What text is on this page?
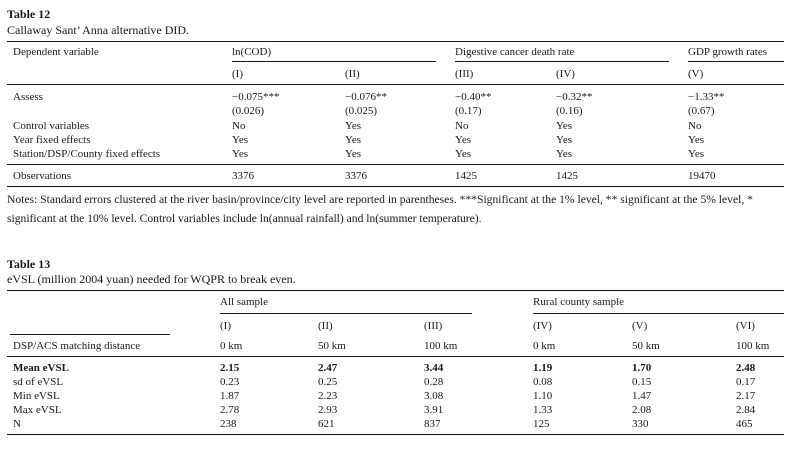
Table 12
Callaway Sant’ Anna alternative DID.
Dependent variable	ln(COD)	Digestive cancer death rate	GDP growth rates
(I)	(II)	(III)	(IV)	(V)
Assess	−0.075***	−0.076**	−0.40**	−0.32**	−1.33**
(0.026)	(0.025)	(0.17)	(0.16)	(0.67)
Control variables	No	Yes	No	Yes	No
Year fixed effects	Yes	Yes	Yes	Yes	Yes
Station/DSP/County fixed effects	Yes	Yes	Yes	Yes	Yes
Observations	3376	3376	1425	1425	19470
Notes: Standard errors clustered at the river basin/province/city level are reported in parentheses. ***Significant at the 1% level, ** significant at the 5% level, * significant at the 10% level. Control variables include ln(annual rainfall) and ln(summer temperature).
Table 13
eVSL (million 2004 yuan) needed for WQPR to break even.
All sample	Rural county sample
(I)	(II)	(III)	(IV)	(V)	(VI)
DSP/ACS matching distance	0 km	50 km	100 km	0 km	50 km	100 km
Mean eVSL	2.15	2.47	3.44	1.19	1.70	2.48
sd of eVSL	0.23	0.25	0.28	0.08	0.15	0.17
Min eVSL	1.87	2.23	3.08	1.10	1.47	2.17
Max eVSL	2.78	2.93	3.91	1.33	2.08	2.84
N	238	621	837	125	330	465
